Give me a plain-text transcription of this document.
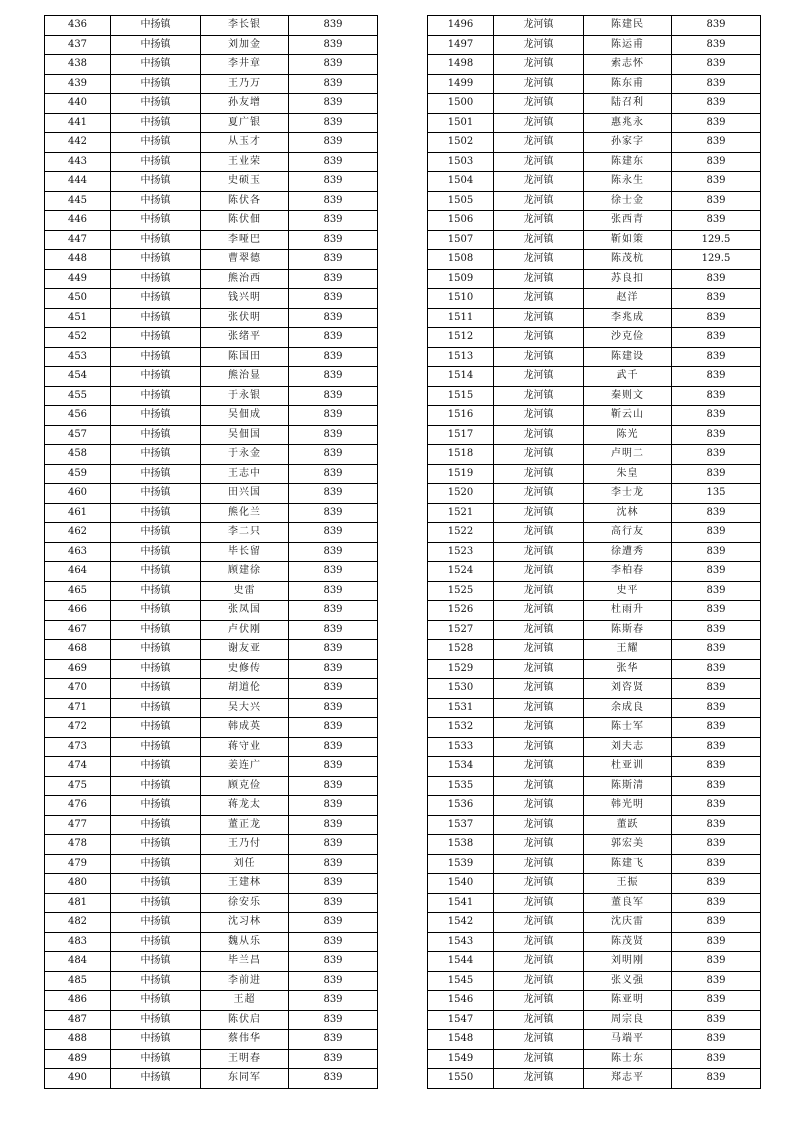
436	中扬镇	李长银	839
437	中扬镇	刘加金	839
438	中扬镇	李井章	839
439	中扬镇	王乃万	839
440	中扬镇	孙友增	839
441	中扬镇	夏广银	839
442	中扬镇	从玉才	839
443	中扬镇	王业荣	839
444	中扬镇	史硕玉	839
445	中扬镇	陈伏各	839
446	中扬镇	陈伏佃	839
447	中扬镇	李哑巴	839
448	中扬镇	曹翠德	839
449	中扬镇	熊治西	839
450	中扬镇	钱兴明	839
451	中扬镇	张伏明	839
452	中扬镇	张绪平	839
453	中扬镇	陈国田	839
454	中扬镇	熊治显	839
455	中扬镇	于永银	839
456	中扬镇	吴佃成	839
457	中扬镇	吴佃国	839
458	中扬镇	于永金	839
459	中扬镇	王志中	839
460	中扬镇	田兴国	839
461	中扬镇	熊化兰	839
462	中扬镇	李二只	839
463	中扬镇	毕长留	839
464	中扬镇	顾建徐	839
465	中扬镇	史雷	839
466	中扬镇	张凤国	839
467	中扬镇	卢伏刚	839
468	中扬镇	谢友亚	839
469	中扬镇	史修传	839
470	中扬镇	胡道伦	839
471	中扬镇	吴大兴	839
472	中扬镇	韩成英	839
473	中扬镇	蒋守业	839
474	中扬镇	姜连广	839
475	中扬镇	顾克俭	839
476	中扬镇	蒋龙太	839
477	中扬镇	董正龙	839
478	中扬镇	王乃付	839
479	中扬镇	刘任	839
480	中扬镇	王建林	839
481	中扬镇	徐安乐	839
482	中扬镇	沈习林	839
483	中扬镇	魏从乐	839
484	中扬镇	毕兰昌	839
485	中扬镇	李前进	839
486	中扬镇	王超	839
487	中扬镇	陈伏启	839
488	中扬镇	蔡伟华	839
489	中扬镇	王明春	839
490	中扬镇	东同军	839
1496	龙河镇	陈建民	839
1497	龙河镇	陈运甫	839
1498	龙河镇	索志怀	839
1499	龙河镇	陈东甫	839
1500	龙河镇	陆召利	839
1501	龙河镇	惠兆永	839
1502	龙河镇	孙家字	839
1503	龙河镇	陈建东	839
1504	龙河镇	陈永生	839
1505	龙河镇	徐士金	839
1506	龙河镇	张西青	839
1507	龙河镇	靳如策	129.5
1508	龙河镇	陈茂杭	129.5
1509	龙河镇	苏良扣	839
1510	龙河镇	赵洋	839
1511	龙河镇	李兆成	839
1512	龙河镇	沙克俭	839
1513	龙河镇	陈建设	839
1514	龙河镇	武千	839
1515	龙河镇	秦则文	839
1516	龙河镇	靳云山	839
1517	龙河镇	陈光	839
1518	龙河镇	卢明二	839
1519	龙河镇	朱皇	839
1520	龙河镇	李士龙	135
1521	龙河镇	沈林	839
1522	龙河镇	高行友	839
1523	龙河镇	徐遭秀	839
1524	龙河镇	李柏春	839
1525	龙河镇	史平	839
1526	龙河镇	杜雨升	839
1527	龙河镇	陈斯春	839
1528	龙河镇	王耀	839
1529	龙河镇	张华	839
1530	龙河镇	刘咨贤	839
1531	龙河镇	余成良	839
1532	龙河镇	陈士军	839
1533	龙河镇	刘夫志	839
1534	龙河镇	杜亚训	839
1535	龙河镇	陈斯清	839
1536	龙河镇	韩光明	839
1537	龙河镇	董跃	839
1538	龙河镇	郭宏美	839
1539	龙河镇	陈建飞	839
1540	龙河镇	王振	839
1541	龙河镇	董良军	839
1542	龙河镇	沈庆雷	839
1543	龙河镇	陈茂贤	839
1544	龙河镇	刘明刚	839
1545	龙河镇	张义强	839
1546	龙河镇	陈亚明	839
1547	龙河镇	周宗良	839
1548	龙河镇	马端平	839
1549	龙河镇	陈士东	839
1550	龙河镇	郑志平	839
